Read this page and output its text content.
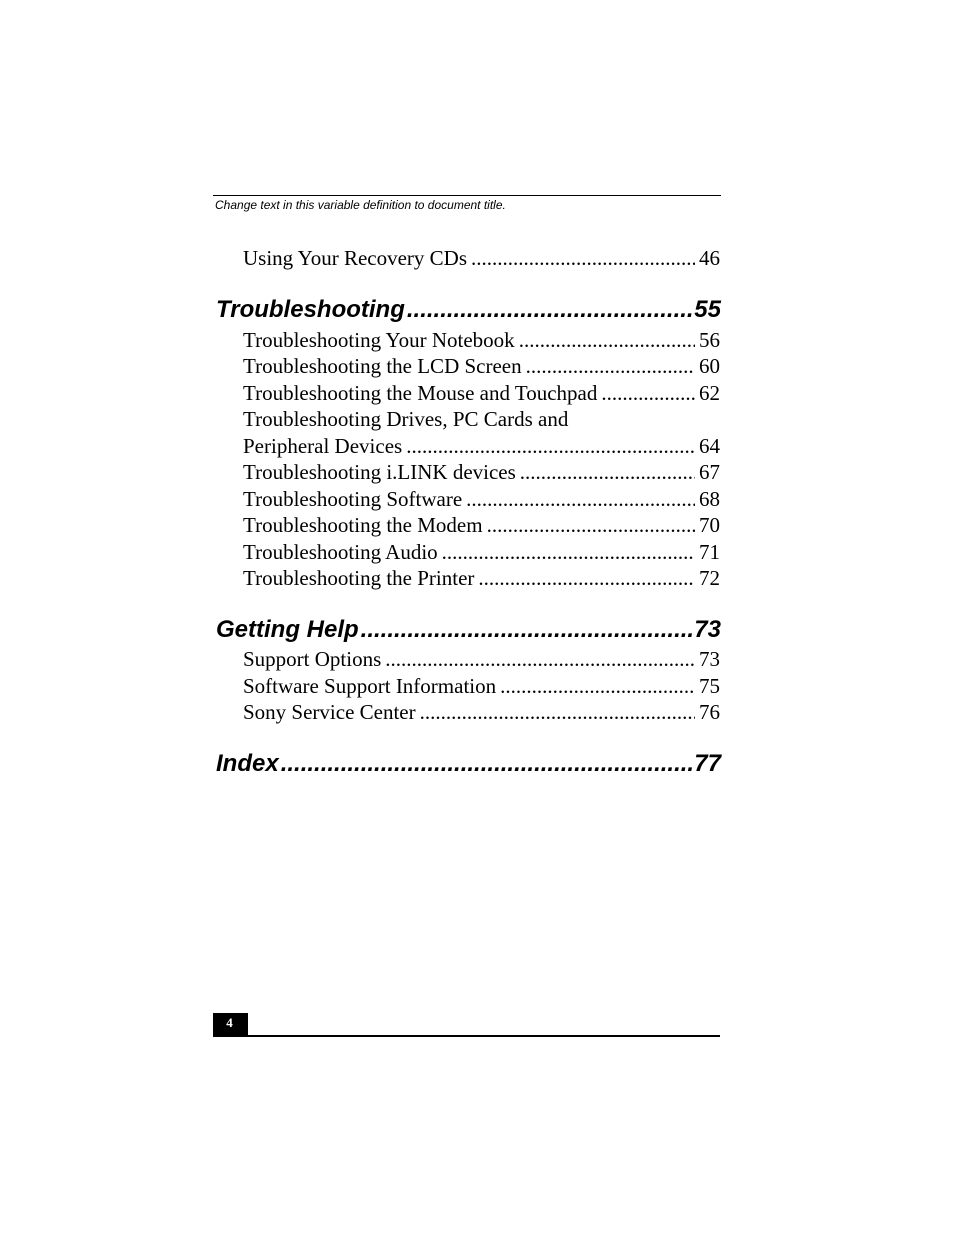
Change text in this variable definition to document title.
Using Your Recovery CDs .....	46
Troubleshooting .....	55
Troubleshooting Your Notebook .....	56
Troubleshooting the LCD Screen .....	60
Troubleshooting the Mouse and Touchpad .....	62
Troubleshooting Drives, PC Cards and
Peripheral Devices .....	64
Troubleshooting i.LINK devices .....	67
Troubleshooting Software .....	68
Troubleshooting the Modem .....	70
Troubleshooting Audio .....	71
Troubleshooting the Printer .....	72
Getting Help .....	73
Support Options .....	73
Software Support Information .....	75
Sony Service Center .....	76
Index .....	77
4
